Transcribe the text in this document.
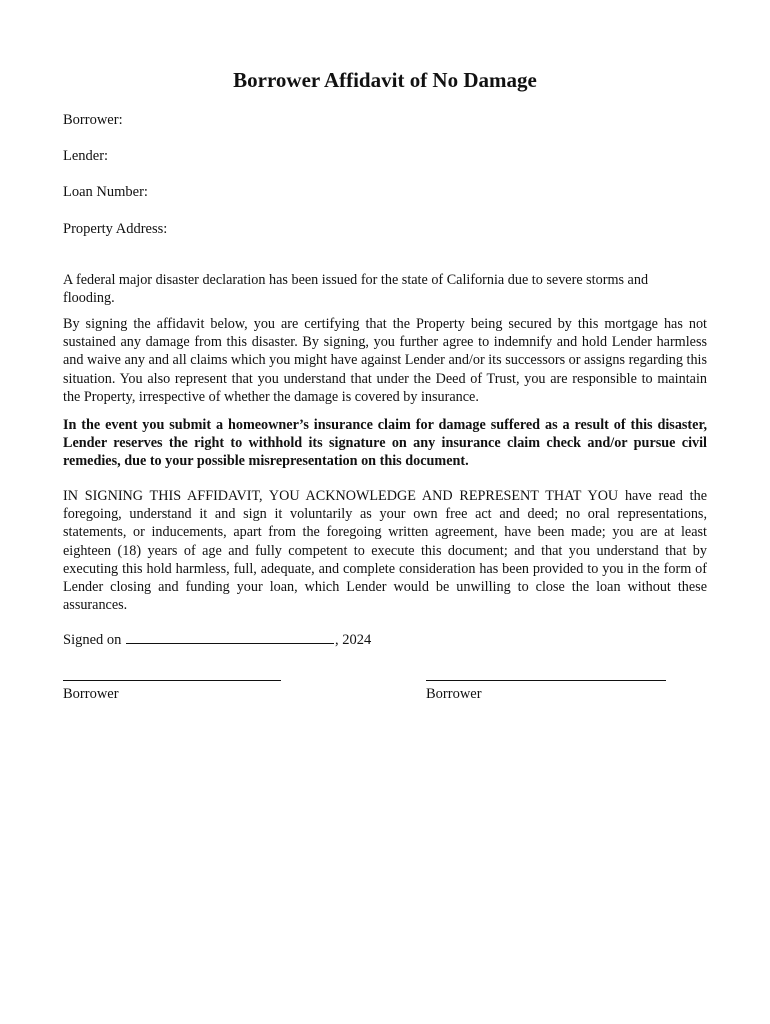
Borrower Affidavit of No Damage
Borrower:
Lender:
Loan Number:
Property Address:

A federal major disaster declaration has been issued for the state of California due to severe storms and flooding.

By signing the affidavit below, you are certifying that the Property being secured by this mortgage has not sustained any damage from this disaster. By signing, you further agree to indemnify and hold Lender harmless and waive any and all claims which you might have against Lender and/or its successors or assigns regarding this situation. You also represent that you understand that under the Deed of Trust, you are responsible to maintain the Property, irrespective of whether the damage is covered by insurance.

In the event you submit a homeowner’s insurance claim for damage suffered as a result of this disaster, Lender reserves the right to withhold its signature on any insurance claim check and/or pursue civil remedies, due to your possible misrepresentation on this document.

IN SIGNING THIS AFFIDAVIT, YOU ACKNOWLEDGE AND REPRESENT THAT YOU have read the foregoing, understand it and sign it voluntarily as your own free act and deed; no oral representations, statements, or inducements, apart from the foregoing written agreement, have been made; you are at least eighteen (18) years of age and fully competent to execute this document; and that you understand that by executing this hold harmless, full, adequate, and complete consideration has been provided to you in the form of Lender closing and funding your loan, which Lender would be unwilling to close the loan without these assurances.

Signed on	, 2024
Borrower	Borrower
